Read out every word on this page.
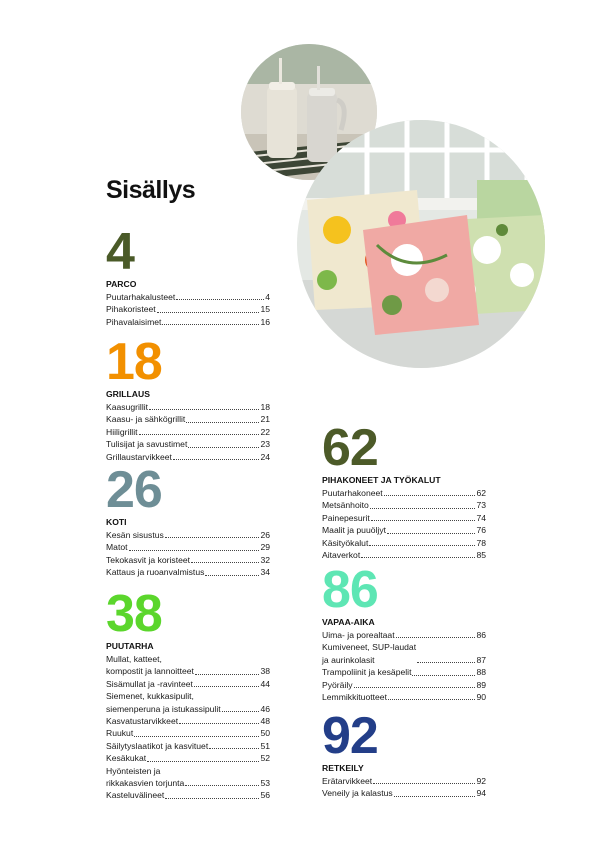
Sisällys
4
PARCO
Puutarhakalusteet	4
Pihakoristeet	15
Pihavalaisimet	16
18
GRILLAUS
Kaasugrillit	18
Kaasu- ja sähkögrillit	21
Hiiligrillit	22
Tulisijat ja savustimet	23
Grillaustarvikkeet	24
26
KOTI
Kesän sisustus	26
Matot	29
Tekokasvit ja koristeet	32
Kattaus ja ruoanvalmistus	34
38
PUUTARHA
Mullat, katteet,
kompostit ja lannoitteet	38
Sisämullat ja -ravinteet	44
Siemenet, kukkasipulit,
siemenperuna ja istukassipulit	46
Kasvatustarvikkeet	48
Ruukut	50
Säilytyslaatikot ja kasvituet	51
Kesäkukat	52
Hyönteisten ja
rikkakasvien torjunta	53
Kasteluvälineet	56
62
PIHAKONEET JA TYÖKALUT
Puutarhakoneet	62
Metsänhoito	73
Painepesurit	74
Maalit ja puuöljyt	76
Käsityökalut	78
Aitaverkot	85
86
VAPAA-AIKA
Uima- ja porealtaat	86
Kumiveneet, SUP-laudat
ja aurinkolasit	87
Trampoliinit ja kesäpelit	88
Pyöräily	89
Lemmikkituotteet	90
92
RETKEILY
Erätarvikkeet	92
Veneily ja kalastus	94
